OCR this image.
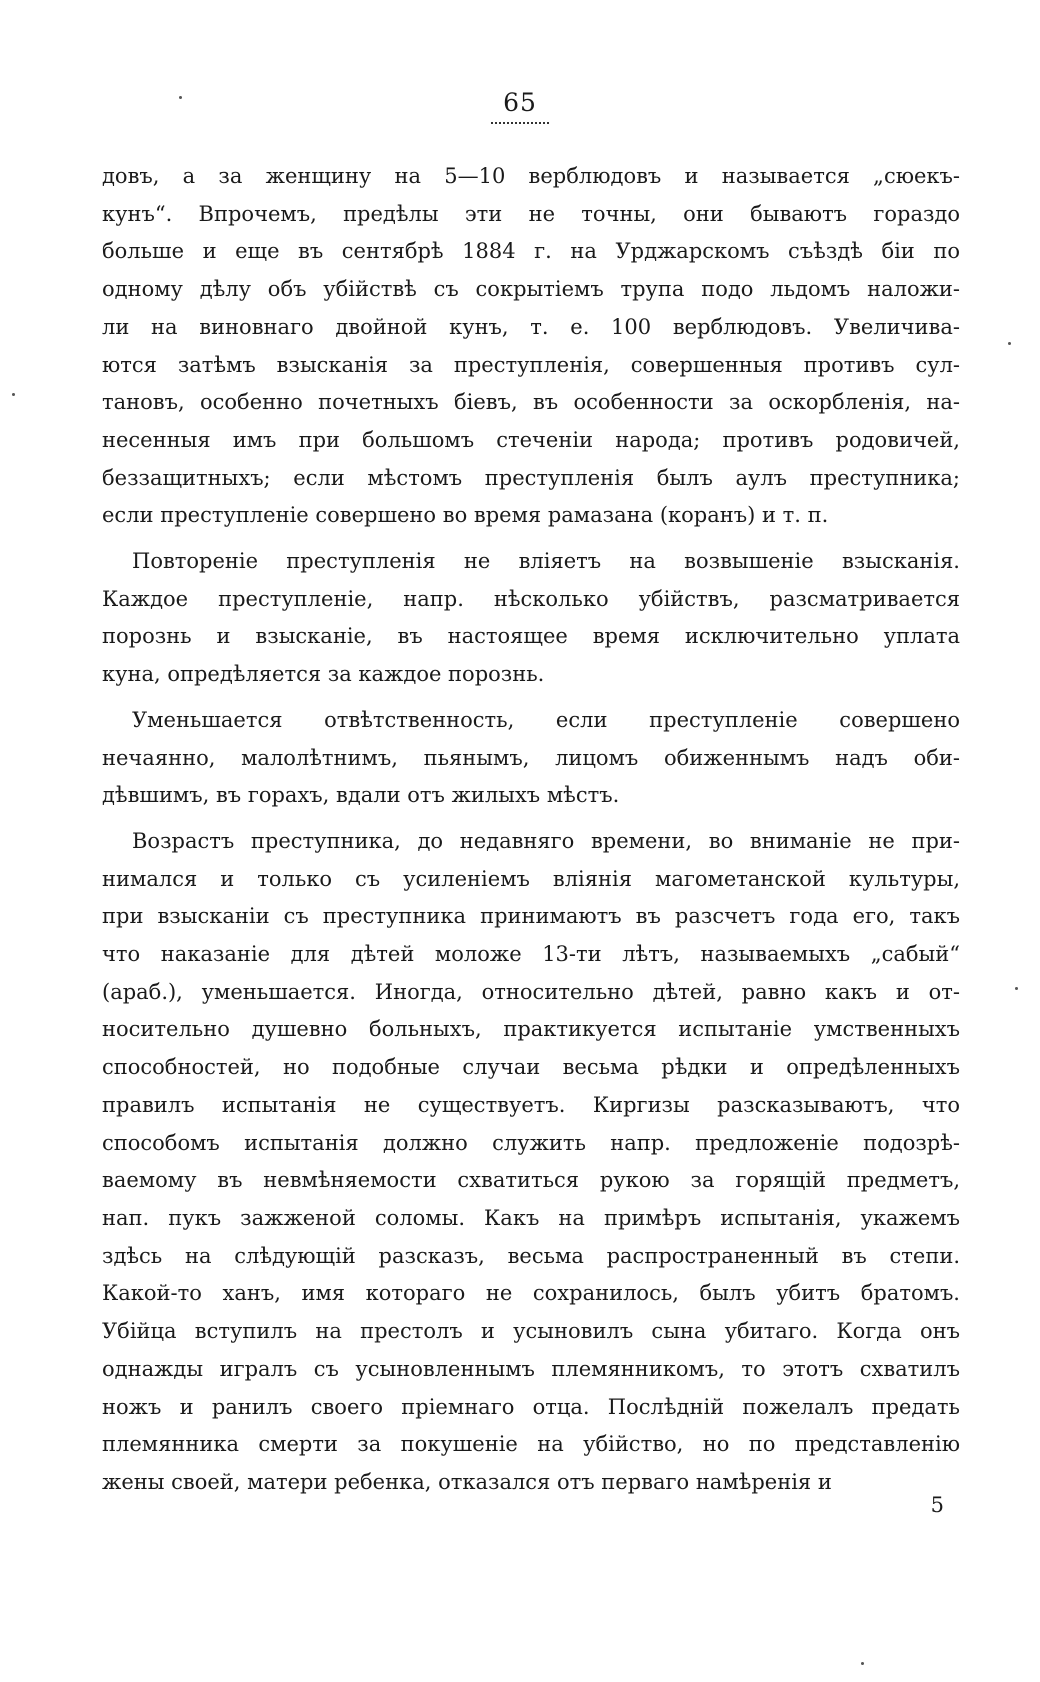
65
довъ, а за женщину на 5—10 верблюдовъ и называется „сюекъ-
кунъ“. Впрочемъ, предѣлы эти не точны, они бываютъ гораздо
больше и еще въ сентябрѣ 1884 г. на Урджарскомъ съѣздѣ біи по
одному дѣлу объ убійствѣ съ сокрытіемъ трупа подо льдомъ наложи-
ли на виновнаго двойной кунъ, т. е. 100 верблюдовъ. Увеличива-
ются затѣмъ взысканія за преступленія, совершенныя противъ сул-
тановъ, особенно почетныхъ біевъ, въ особенности за оскорбленія, на-
несенныя имъ при большомъ стеченіи народа; противъ родовичей,
беззащитныхъ; если мѣстомъ преступленія былъ аулъ преступника;
если преступленіе совершено во время рамазана (коранъ) и т. п.
Повтореніе преступленія не вліяетъ на возвышеніе взысканія.
Каждое преступленіе, напр. нѣсколько убійствъ, разсматривается
порознь и взысканіе, въ настоящее время исключительно уплата
куна, опредѣляется за каждое порознь.
Уменьшается отвѣтственность, если преступленіе совершено
нечаянно, малолѣтнимъ, пьянымъ, лицомъ обиженнымъ надъ оби-
дѣвшимъ, въ горахъ, вдали отъ жилыхъ мѣстъ.
Возрастъ преступника, до недавняго времени, во вниманіе не при-
нимался и только съ усиленіемъ вліянія магометанской культуры,
при взысканіи съ преступника принимаютъ въ разсчетъ года его, такъ
что наказаніе для дѣтей моложе 13-ти лѣтъ, называемыхъ „сабый“
(араб.), уменьшается. Иногда, относительно дѣтей, равно какъ и от-
носительно душевно больныхъ, практикуется испытаніе умственныхъ
способностей, но подобные случаи весьма рѣдки и опредѣленныхъ
правилъ испытанія не существуетъ. Киргизы разсказываютъ, что
способомъ испытанія должно служить напр. предложеніе подозрѣ-
ваемому въ невмѣняемости схватиться рукою за горящій предметъ,
нап. пукъ зажженой соломы. Какъ на примѣръ испытанія, укажемъ
здѣсь на слѣдующій разсказъ, весьма распространенный въ степи.
Какой-то ханъ, имя котораго не сохранилось, былъ убитъ братомъ.
Убійца вступилъ на престолъ и усыновилъ сына убитаго. Когда онъ
однажды игралъ съ усыновленнымъ племянникомъ, то этотъ схватилъ
ножъ и ранилъ своего пріемнаго отца. Послѣдній пожелалъ предать
племянника смерти за покушеніе на убійство, но по представленію
жены своей, матери ребенка, отказался отъ перваго намѣренія и
5
